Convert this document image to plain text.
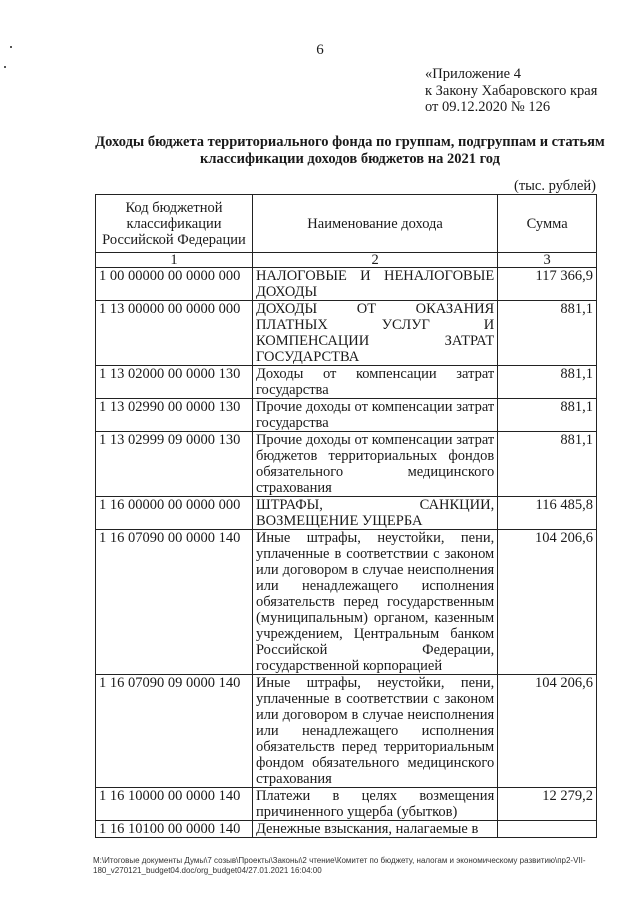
6
«Приложение 4
к Закону Хабаровского края
от 09.12.2020 № 126
Доходы бюджета территориального фонда по группам, подгруппам и статьям классификации доходов бюджетов на 2021 год
(тыс. рублей)
Код бюджетной классификации Российской Федерации	Наименование дохода	Сумма
1	2	3
1 00 00000 00 0000 000	НАЛОГОВЫЕ И НЕНАЛОГОВЫЕ ДОХОДЫ	117 366,9
1 13 00000 00 0000 000	ДОХОДЫ ОТ ОКАЗАНИЯ ПЛАТНЫХ УСЛУГ И КОМПЕНСАЦИИ ЗАТРАТ ГОСУДАРСТВА	881,1
1 13 02000 00 0000 130	Доходы от компенсации затрат государства	881,1
1 13 02990 00 0000 130	Прочие доходы от компенсации затрат государства	881,1
1 13 02999 09 0000 130	Прочие доходы от компенсации затрат бюджетов территориальных фондов обязательного медицинского страхования	881,1
1 16 00000 00 0000 000	ШТРАФЫ, САНКЦИИ, ВОЗМЕЩЕНИЕ УЩЕРБА	116 485,8
1 16 07090 00 0000 140	Иные штрафы, неустойки, пени, уплаченные в соответствии с законом или договором в случае неисполнения или ненадлежащего исполнения обязательств перед государственным (муниципальным) органом, казенным учреждением, Центральным банком Российской Федерации, государственной корпорацией	104 206,6
1 16 07090 09 0000 140	Иные штрафы, неустойки, пени, уплаченные в соответствии с законом или договором в случае неисполнения или ненадлежащего исполнения обязательств перед территориальным фондом обязательного медицинского страхования	104 206,6
1 16 10000 00 0000 140	Платежи в целях возмещения причиненного ущерба (убытков)	12 279,2
1 16 10100 00 0000 140	Денежные взыскания, налагаемые в	
M:\Итоговые документы Думы\7 созыв\Проекты\Законы\2 чтение\Комитет по бюджету, налогам и экономическому развитию\пр2-VII-180_v270121_budget04.doc/org_budget04/27.01.2021 16:04:00
